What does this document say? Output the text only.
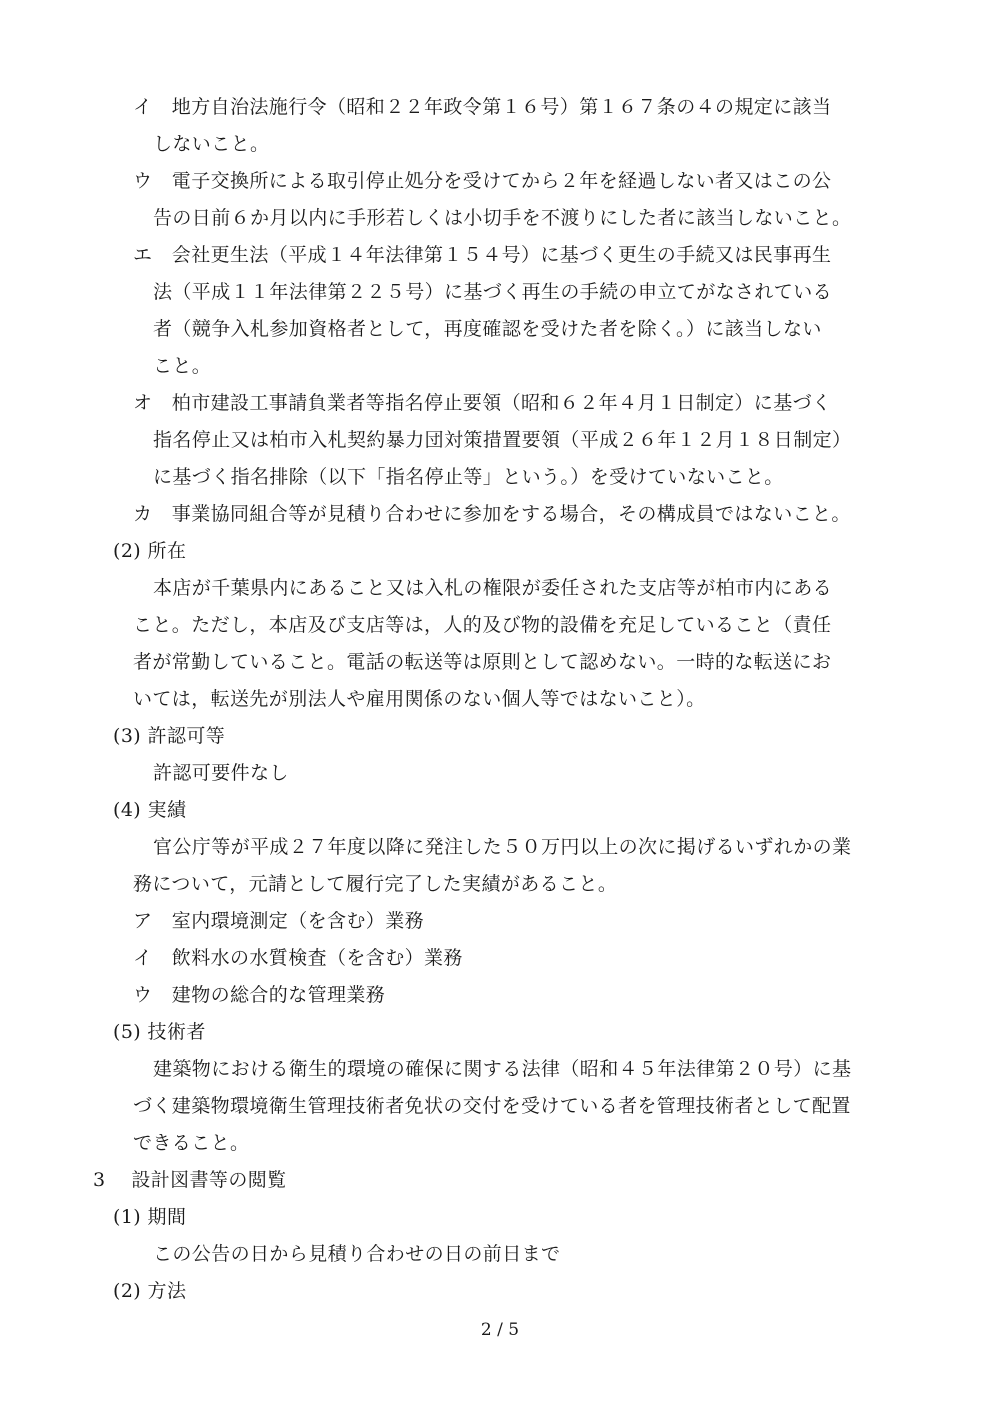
イ　地方自治法施行令（昭和２２年政令第１６号）第１６７条の４の規定に該当
しないこと。
ウ　電子交換所による取引停止処分を受けてから２年を経過しない者又はこの公
告の日前６か月以内に手形若しくは小切手を不渡りにした者に該当しないこと。
エ　会社更生法（平成１４年法律第１５４号）に基づく更生の手続又は民事再生
法（平成１１年法律第２２５号）に基づく再生の手続の申立てがなされている
者（競争入札参加資格者として，再度確認を受けた者を除く。）に該当しない
こと。
オ　柏市建設工事請負業者等指名停止要領（昭和６２年４月１日制定）に基づく
指名停止又は柏市入札契約暴力団対策措置要領（平成２６年１２月１８日制定）
に基づく指名排除（以下「指名停止等」という。）を受けていないこと。
カ　事業協同組合等が見積り合わせに参加をする場合，その構成員ではないこと。
(2) 所在
本店が千葉県内にあること又は入札の権限が委任された支店等が柏市内にある
こと。ただし，本店及び支店等は，人的及び物的設備を充足していること（責任
者が常勤していること。電話の転送等は原則として認めない。一時的な転送にお
いては，転送先が別法人や雇用関係のない個人等ではないこと）。
(3) 許認可等
許認可要件なし
(4) 実績
官公庁等が平成２７年度以降に発注した５０万円以上の次に掲げるいずれかの業
務について，元請として履行完了した実績があること。
ア　室内環境測定（を含む）業務
イ　飲料水の水質検査（を含む）業務
ウ　建物の総合的な管理業務
(5) 技術者
建築物における衛生的環境の確保に関する法律（昭和４５年法律第２０号）に基
づく建築物環境衛生管理技術者免状の交付を受けている者を管理技術者として配置
できること。
3　 設計図書等の閲覧
(1) 期間
この公告の日から見積り合わせの日の前日まで
(2) 方法
2 / 5
